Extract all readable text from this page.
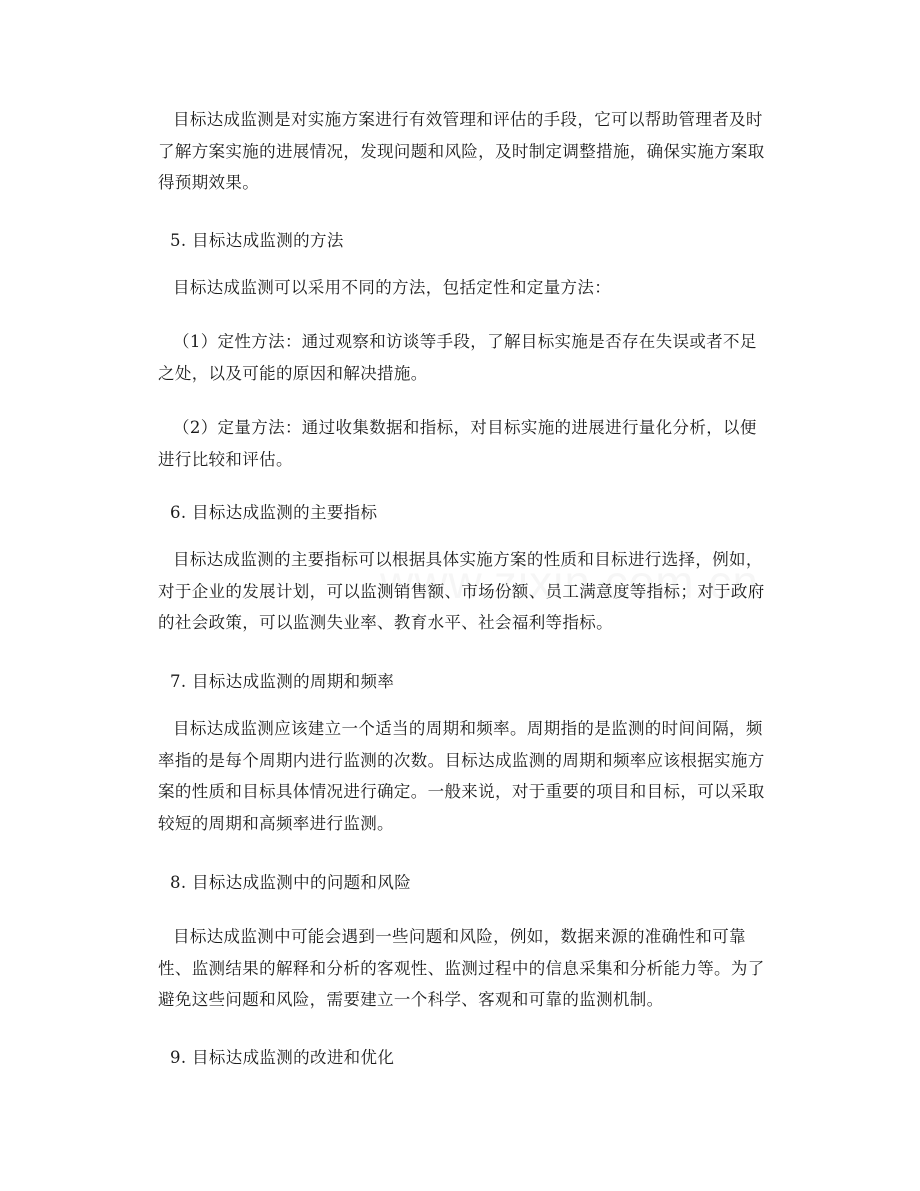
目标达成监测是对实施方案进行有效管理和评估的手段，它可以帮助管理者及时了解方案实施的进展情况，发现问题和风险，及时制定调整措施，确保实施方案取得预期效果。

5. 目标达成监测的方法

目标达成监测可以采用不同的方法，包括定性和定量方法：

（1）定性方法：通过观察和访谈等手段，了解目标实施是否存在失误或者不足之处，以及可能的原因和解决措施。

（2）定量方法：通过收集数据和指标，对目标实施的进展进行量化分析，以便进行比较和评估。

6. 目标达成监测的主要指标

目标达成监测的主要指标可以根据具体实施方案的性质和目标进行选择，例如，对于企业的发展计划，可以监测销售额、市场份额、员工满意度等指标；对于政府的社会政策，可以监测失业率、教育水平、社会福利等指标。

7. 目标达成监测的周期和频率

目标达成监测应该建立一个适当的周期和频率。周期指的是监测的时间间隔，频率指的是每个周期内进行监测的次数。目标达成监测的周期和频率应该根据实施方案的性质和目标具体情况进行确定。一般来说，对于重要的项目和目标，可以采取较短的周期和高频率进行监测。

8. 目标达成监测中的问题和风险

目标达成监测中可能会遇到一些问题和风险，例如，数据来源的准确性和可靠性、监测结果的解释和分析的客观性、监测过程中的信息采集和分析能力等。为了避免这些问题和风险，需要建立一个科学、客观和可靠的监测机制。

9. 目标达成监测的改进和优化
